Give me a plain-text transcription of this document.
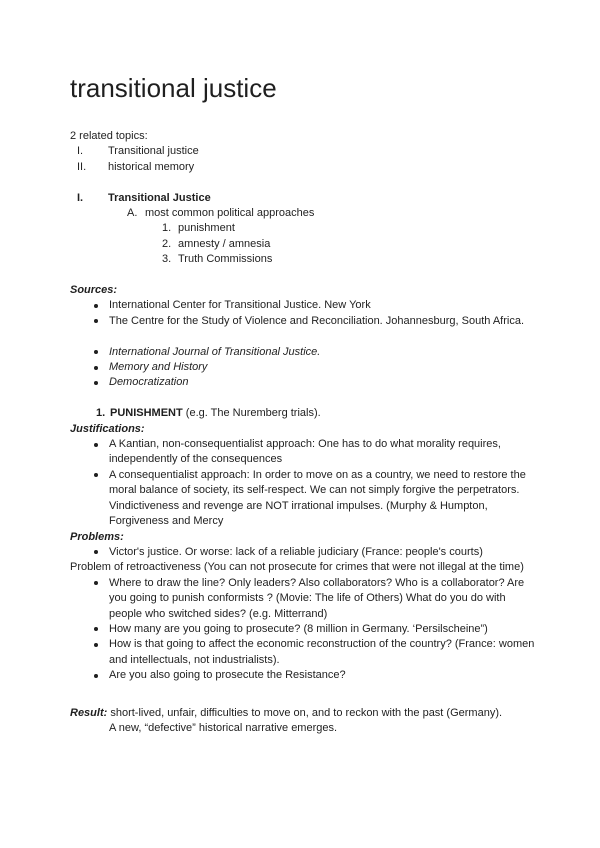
transitional justice

2 related topics:

I.	Transitional justice
II.	historical memory
I.	Transitional Justice
A. most common political approaches
1. punishment
2. amnesty / amnesia
3. Truth Commissions

Sources:

International Center for Transitional Justice. New York
The Centre for the Study of Violence and Reconciliation. Johannesburg, South Africa.
International Journal of Transitional Justice.
Memory and History
Democratization
1. PUNISHMENT (e.g. The Nuremberg trials).

Justifications:

A Kantian, non-consequentialist approach: One has to do what morality requires, independently of the consequences
A consequentialist approach: In order to move on as a country, we need to restore the moral balance of society, its self-respect. We can not simply forgive the perpetrators. Vindictiveness and revenge are NOT irrational impulses. (Murphy & Humpton, Forgiveness and Mercy

Problems:

Victor's justice. Or worse: lack of a reliable judiciary (France: people's courts)

Problem of retroactiveness (You can not prosecute for crimes that were not illegal at the time)

Where to draw the line? Only leaders? Also collaborators? Who is a collaborator? Are you going to punish conformists ? (Movie: The life of Others) What do you do with people who switched sides? (e.g. Mitterrand)
How many are you going to prosecute? (8 million in Germany. ‘Persilscheine”)
How is that going to affect the economic reconstruction of the country? (France: women and intellectuals, not industrialists).
Are you also going to prosecute the Resistance?

Result: short-lived, unfair, difficulties to move on, and to reckon with the past (Germany).

A new, “defective” historical narrative emerges.
